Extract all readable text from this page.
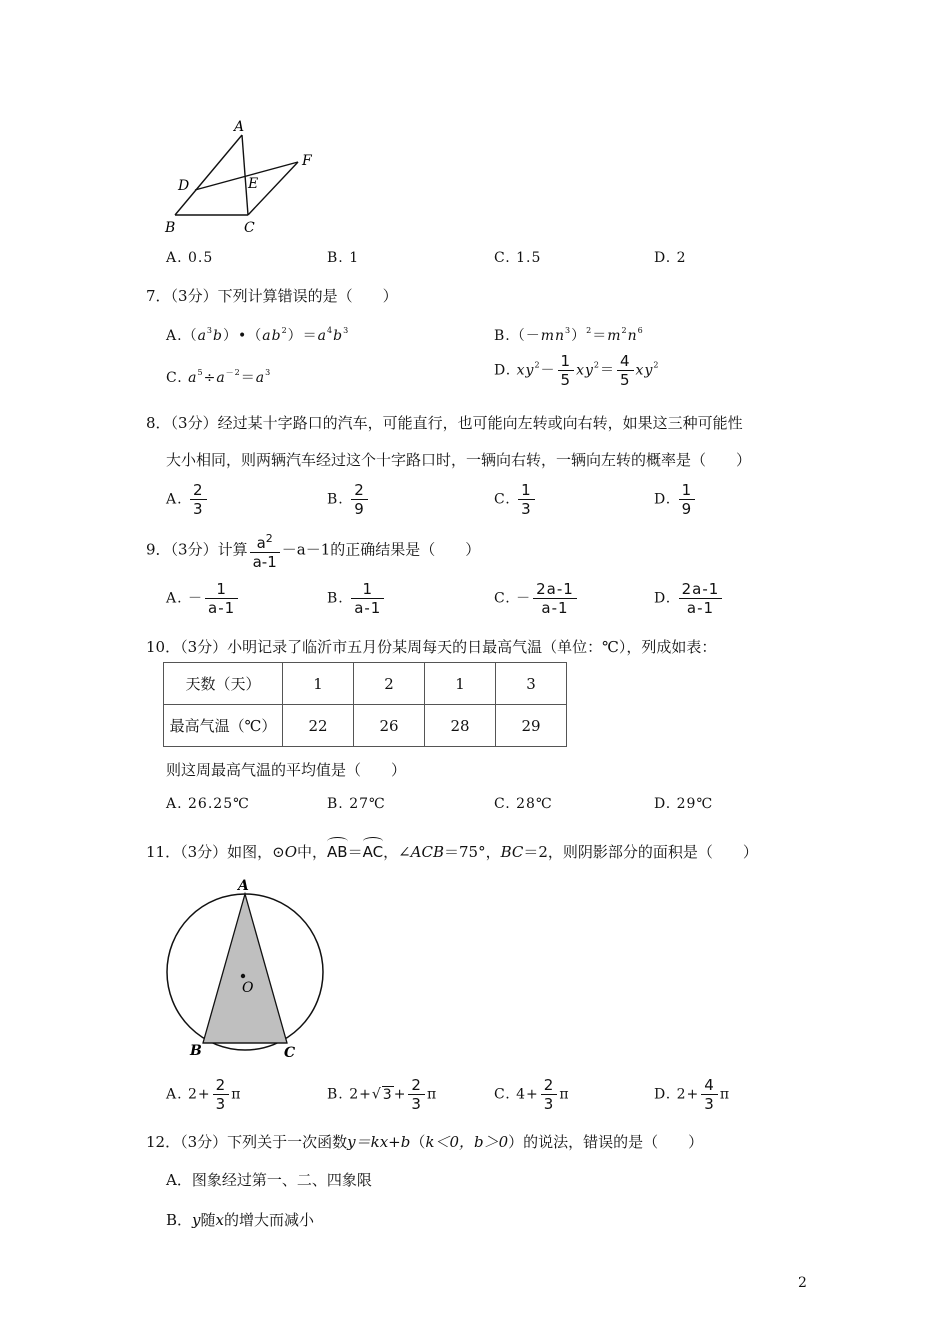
A
D	E
F
B	C
A. 0.5	B. 1	C. 1.5	D. 2
7．（3分）下列计算错误的是（　　）
$A.(a^3b)•(ab^2)=a^4b^3$	$B.(-mn^3)^2=m^2n^6$
C. $a^5\div a^{-2}=a^3$	D. $xy^2- \frac{1}{5} xy^2= \frac{4}{5} xy^2$
8．（3分）经过某十字路口的汽车，可能直行，也可能向左转或向右转，如果这三种可能性
大小相同，则两辆汽车经过这个十字路口时，一辆向右转，一辆向左转的概率是（　　）
A. $\frac{2}{3}$	B. $\frac{2}{9}$	C. $\frac{1}{3}$	D. $\frac{1}{9}$
9．（3分）计算 $\frac{a^2}{a-1} -a-1$的正确结果是（　　）
A. － $\frac{1}{a-1}$	B. $\frac{1}{a-1}$	C. － $\frac{2a-1}{a-1}$	D. $\frac{2a-1}{a-1}$
10．（3分）小明记录了临沂市五月份某周每天的日最高气温（单位：℃），列成如表：
天数（天）	1	2	1	3
最高气温（℃）	22	26	28	29
则这周最高气温的平均值是（　　）
A. 26.25℃	B. 27℃	C. 28℃	D. 29℃
11．（3分）如图，⊙O中，AB＝AC，∠ACB＝75°，BC＝2，则阴影部分的面积是（　　）
A
O
B	C
A. $2+ \frac{2}{3}$ π	B. $2+√3+ \frac{2}{3}$ π	C. $4+ \frac{2}{3}$ π	D. $2+ \frac{4}{3}$ π
12．（3分）下列关于一次函数y＝kx+b（k＜0，b＞0）的说法，错误的是（　　）
A．图象经过第一、二、四象限
B．y随x的增大而减小
2
